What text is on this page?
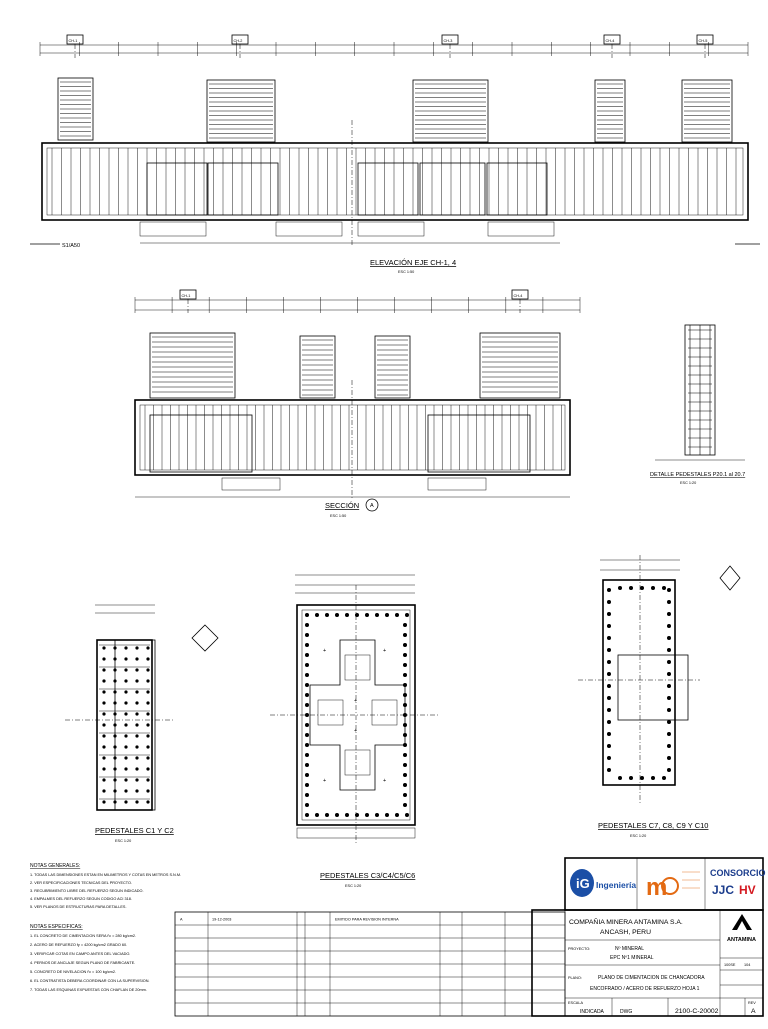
CH-1	CH-2	CH-3	CH-4	CH-5
S1/A50
ELEVACIÓN EJE CH-1, 4
ESC 1:50
CH-1	CH-4
SECCIÓN A
ESC 1:50
DETALLE PEDESTALES P20.1 al 20.7
ESC 1:20
PEDESTALES C1 Y C2
ESC 1:20
+	+
+	+
+
+
PEDESTALES C3/C4/C5/C6
ESC 1:20
PEDESTALES C7, C8, C9 Y C10
ESC 1:20
NOTAS GENERALES:
1. TODAS LAS DIMENSIONES ESTAN EN MILIMETROS Y COTAS EN METROS S.N.M.
2. VER ESPECIFICACIONES TECNICAS DEL PROYECTO.
3. RECUBRIMIENTO LIBRE DEL REFUERZO SEGUN INDICADO.
4. EMPALMES DEL REFUERZO SEGUN CODIGO ACI 318.
5. VER PLANOS DE ESTRUCTURAS PARA DETALLES.
NOTAS ESPECIFICAS:
1. EL CONCRETO DE CIMENTACION SERA f'c = 280 kg/cm2.
2. ACERO DE REFUERZO fy = 4200 kg/cm2 GRADO 60.
3. VERIFICAR COTAS EN CAMPO ANTES DEL VACIADO.
4. PERNOS DE ANCLAJE SEGUN PLANO DE FABRICANTE.
5. CONCRETO DE NIVELACION f'c = 100 kg/cm2.
6. EL CONTRATISTA DEBERA COORDINAR CON LA SUPERVISION.
7. TODAS LAS ESQUINAS EXPUESTAS CON CHAFLAN DE 20mm.
A	19-12-2003	EMITIDO PARA REVISION INTERNA
iG Ingeniería m
CONSORCIO
JJC HV
COMPAÑIA MINERA ANTAMINA S.A.
ANCASH, PERU
PROYECTO:	Nº MINERAL
EPC Nº1 MINERAL
PLANO:	PLANO DE CIMENTACION DE CHANCADORA
ENCOFRADO / ACERO DE REFUERZO HOJA 1
ANTAMINA
100SE 104
ESCALA
INDICADA	DWG	2100-C-20002
REV
A
